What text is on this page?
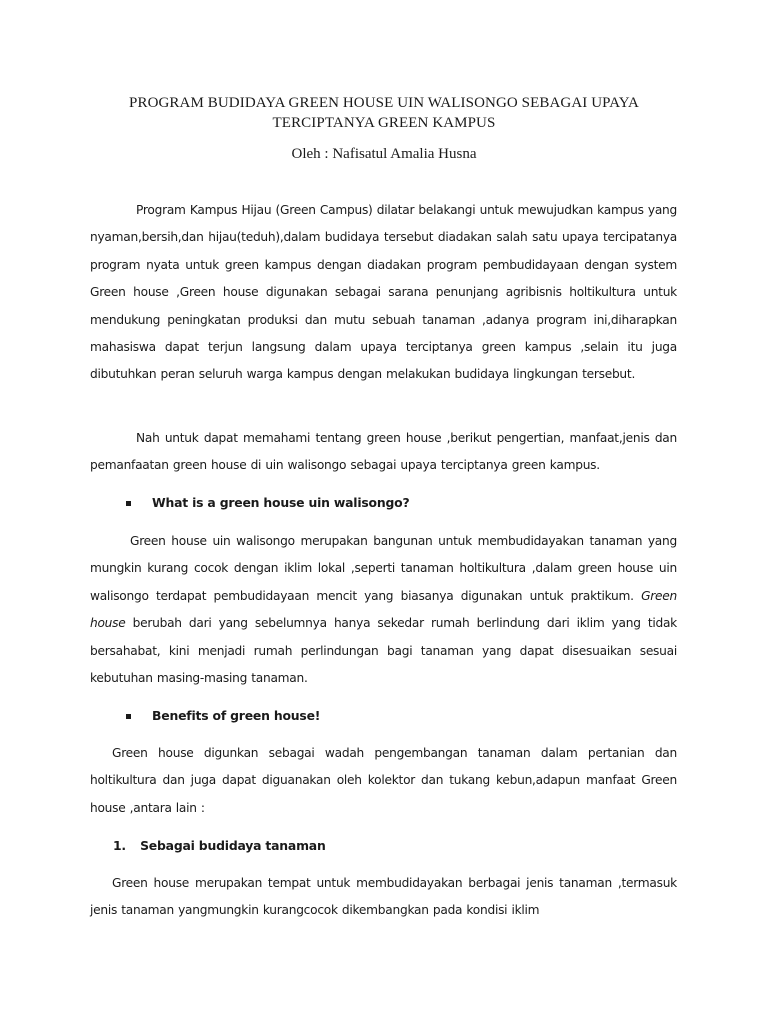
PROGRAM BUDIDAYA GREEN HOUSE UIN WALISONGO SEBAGAI UPAYA
TERCIPTANYA GREEN KAMPUS
Oleh : Nafisatul Amalia Husna

Program Kampus Hijau (Green Campus) dilatar belakangi untuk mewujudkan kampus yang nyaman,bersih,dan hijau(teduh),dalam budidaya tersebut diadakan salah satu upaya tercipatanya program nyata untuk green kampus dengan diadakan program pembudidayaan dengan system Green house ,Green house digunakan sebagai sarana penunjang agribisnis holtikultura untuk mendukung peningkatan produksi dan mutu sebuah tanaman ,adanya program ini,diharapkan mahasiswa dapat terjun langsung dalam upaya terciptanya green kampus ,selain itu juga dibutuhkan peran seluruh warga kampus dengan melakukan budidaya lingkungan tersebut.

Nah untuk dapat memahami tentang green house ,berikut pengertian, manfaat,jenis dan pemanfaatan green house di uin walisongo sebagai upaya terciptanya green kampus.

What is a green house uin walisongo?

Green house uin walisongo merupakan bangunan untuk membudidayakan tanaman yang mungkin kurang cocok dengan iklim lokal ,seperti tanaman holtikultura ,dalam green house uin walisongo terdapat pembudidayaan mencit yang biasanya digunakan untuk praktikum. Green house berubah dari yang sebelumnya hanya sekedar rumah berlindung dari iklim yang tidak bersahabat, kini menjadi rumah perlindungan bagi tanaman yang dapat disesuaikan sesuai kebutuhan masing-masing tanaman.

Benefits of green house!

Green house digunkan sebagai wadah pengembangan tanaman dalam pertanian dan holtikultura dan juga dapat diguanakan oleh kolektor dan tukang kebun,adapun manfaat Green house ,antara lain :

1. Sebagai budidaya tanaman

Green house merupakan tempat untuk membudidayakan berbagai jenis tanaman ,termasuk jenis tanaman yangmungkin kurangcocok dikembangkan pada kondisi iklim
